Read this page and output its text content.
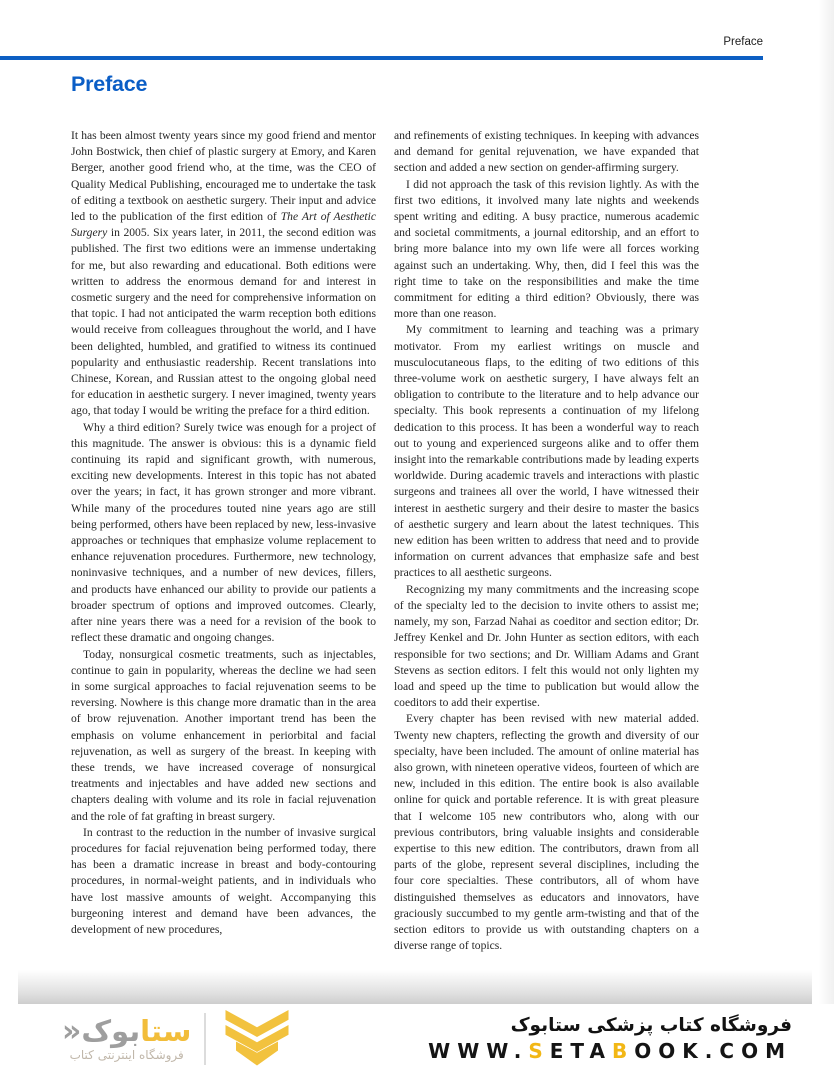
Preface
Preface

It has been almost twenty years since my good friend and mentor John Bostwick, then chief of plastic surgery at Emory, and Karen Berger, another good friend who, at the time, was the CEO of Quality Medical Publishing, encouraged me to undertake the task of editing a textbook on aesthetic surgery. Their input and advice led to the publication of the first edition of The Art of Aesthetic Surgery in 2005. Six years later, in 2011, the second edition was published. The first two editions were an immense undertaking for me, but also rewarding and educational. Both editions were written to address the enormous demand for and interest in cosmetic surgery and the need for comprehensive information on that topic. I had not anticipated the warm reception both editions would receive from colleagues throughout the world, and I have been delighted, humbled, and gratified to witness its continued popularity and enthusiastic readership. Recent translations into Chinese, Korean, and Russian attest to the ongoing global need for education in aesthetic surgery. I never imagined, twenty years ago, that today I would be writing the preface for a third edition.

Why a third edition? Surely twice was enough for a project of this magnitude. The answer is obvious: this is a dynamic field continuing its rapid and significant growth, with numerous, exciting new developments. Interest in this topic has not abated over the years; in fact, it has grown stronger and more vibrant. While many of the procedures touted nine years ago are still being performed, others have been replaced by new, less-invasive approaches or techniques that emphasize volume replacement to enhance rejuvenation procedures. Furthermore, new technology, noninvasive techniques, and a number of new devices, fillers, and products have enhanced our ability to provide our patients a broader spectrum of options and improved outcomes. Clearly, after nine years there was a need for a revision of the book to reflect these dramatic and ongoing changes.

Today, nonsurgical cosmetic treatments, such as injectables, continue to gain in popularity, whereas the decline we had seen in some surgical approaches to facial rejuvenation seems to be reversing. Nowhere is this change more dramatic than in the area of brow rejuvenation. Another important trend has been the emphasis on volume enhancement in periorbital and facial rejuvenation, as well as surgery of the breast. In keeping with these trends, we have increased coverage of nonsurgical treatments and injectables and have added new sections and chapters dealing with volume and its role in facial rejuvenation and the role of fat grafting in breast surgery.

In contrast to the reduction in the number of invasive surgical procedures for facial rejuvenation being performed today, there has been a dramatic increase in breast and body-contouring procedures, in normal-weight patients, and in individuals who have lost massive amounts of weight. Accompanying this burgeoning interest and demand have been advances, the development of new procedures,

and refinements of existing techniques. In keeping with advances and demand for genital rejuvenation, we have expanded that section and added a new section on gender-affirming surgery.

I did not approach the task of this revision lightly. As with the first two editions, it involved many late nights and weekends spent writing and editing. A busy practice, numerous academic and societal commitments, a journal editorship, and an effort to bring more balance into my own life were all forces working against such an undertaking. Why, then, did I feel this was the right time to take on the responsibilities and make the time commitment for editing a third edition? Obviously, there was more than one reason.

My commitment to learning and teaching was a primary motivator. From my earliest writings on muscle and musculocutaneous flaps, to the editing of two editions of this three-volume work on aesthetic surgery, I have always felt an obligation to contribute to the literature and to help advance our specialty. This book represents a continuation of my lifelong dedication to this process. It has been a wonderful way to reach out to young and experienced surgeons alike and to offer them insight into the remarkable contributions made by leading experts worldwide. During academic travels and interactions with plastic surgeons and trainees all over the world, I have witnessed their interest in aesthetic surgery and their desire to master the basics of aesthetic surgery and learn about the latest techniques. This new edition has been written to address that need and to provide information on current advances that emphasize safe and best practices to all aesthetic surgeons.

Recognizing my many commitments and the increasing scope of the specialty led to the decision to invite others to assist me; namely, my son, Farzad Nahai as coeditor and section editor; Dr. Jeffrey Kenkel and Dr. John Hunter as section editors, with each responsible for two sections; and Dr. William Adams and Grant Stevens as section editors. I felt this would not only lighten my load and speed up the time to publication but would allow the coeditors to add their expertise.

Every chapter has been revised with new material added. Twenty new chapters, reflecting the growth and diversity of our specialty, have been included. The amount of online material has also grown, with nineteen operative videos, fourteen of which are new, included in this edition. The entire book is also available online for quick and portable reference. It is with great pleasure that I welcome 105 new contributors who, along with our previous contributors, bring valuable insights and considerable expertise to this new edition. The contributors, drawn from all parts of the globe, represent several disciplines, including the four core specialties. These contributors, all of whom have distinguished themselves as educators and innovators, have graciously succumbed to my gentle arm-twisting and that of the section editors to provide us with outstanding chapters on a diverse range of topics.

ستابوک«
فروشگاه اینترنتی کتاب
فروشگاه کتاب پزشکی ستابوک
WWW.SETABOOK.COM
